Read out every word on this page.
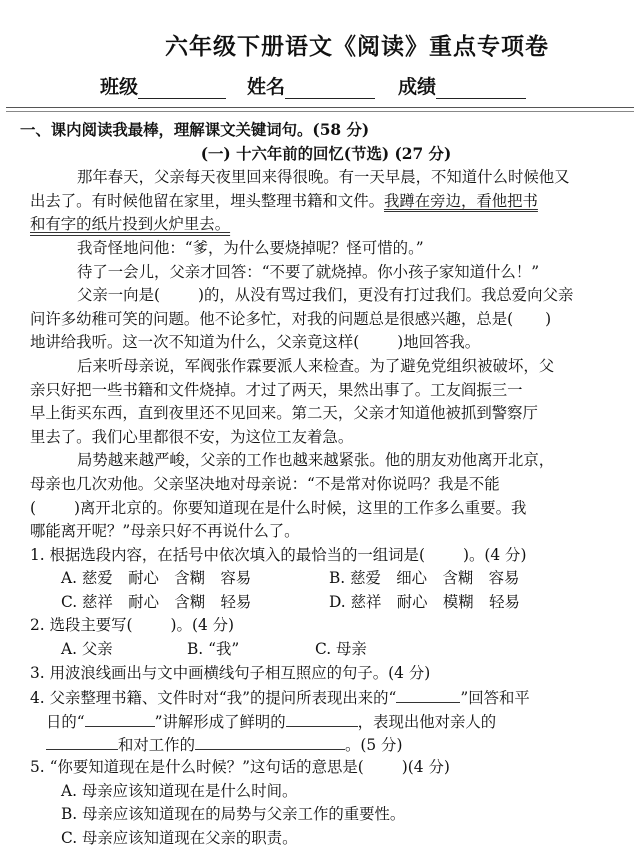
六年级下册语文《阅读》重点专项卷
班级	姓名	成绩
一、课内阅读我最棒，理解课文关键词句。(58 分)
(一) 十六年前的回忆(节选) (27 分)
那年春天，父亲每天夜里回来得很晚。有一天早晨，不知道什么时候他又
出去了。有时候他留在家里，埋头整理书籍和文件。我蹲在旁边，看他把书
和有字的纸片投到火炉里去。
我奇怪地问他：“爹，为什么要烧掉呢？怪可惜的。”
待了一会儿，父亲才回答：“不要了就烧掉。你小孩子家知道什么！”
父亲一向是( )的，从没有骂过我们，更没有打过我们。我总爱向父亲
问许多幼稚可笑的问题。他不论多忙，对我的问题总是很感兴趣，总是( )
地讲给我听。这一次不知道为什么，父亲竟这样( )地回答我。
后来听母亲说，军阀张作霖要派人来检查。为了避免党组织被破坏，父
亲只好把一些书籍和文件烧掉。才过了两天，果然出事了。工友阎振三一
早上街买东西，直到夜里还不见回来。第二天，父亲才知道他被抓到警察厅
里去了。我们心里都很不安，为这位工友着急。
局势越来越严峻，父亲的工作也越来越紧张。他的朋友劝他离开北京，
母亲也几次劝他。父亲坚决地对母亲说：“不是常对你说吗？我是不能
( )离开北京的。你要知道现在是什么时候，这里的工作多么重要。我
哪能离开呢？”母亲只好不再说什么了。
1. 根据选段内容，在括号中依次填入的最恰当的一组词是( )。(4 分)
A. 慈爱　耐心　含糊　容易	B. 慈爱　细心　含糊　容易
C. 慈祥　耐心　含糊　轻易	D. 慈祥　耐心　模糊　轻易
2. 选段主要写( )。(4 分)
A. 父亲	B. “我”	C. 母亲
3. 用波浪线画出与文中画横线句子相互照应的句子。(4 分)
4. 父亲整理书籍、文件时对“我”的提问所表现出来的“	”回答和平
日的“	”讲解形成了鲜明的	，表现出他对亲人的
和对工作的	。(5 分)
5. “你要知道现在是什么时候？”这句话的意思是( )(4 分)
A. 母亲应该知道现在是什么时间。
B. 母亲应该知道现在的局势与父亲工作的重要性。
C. 母亲应该知道现在父亲的职责。
